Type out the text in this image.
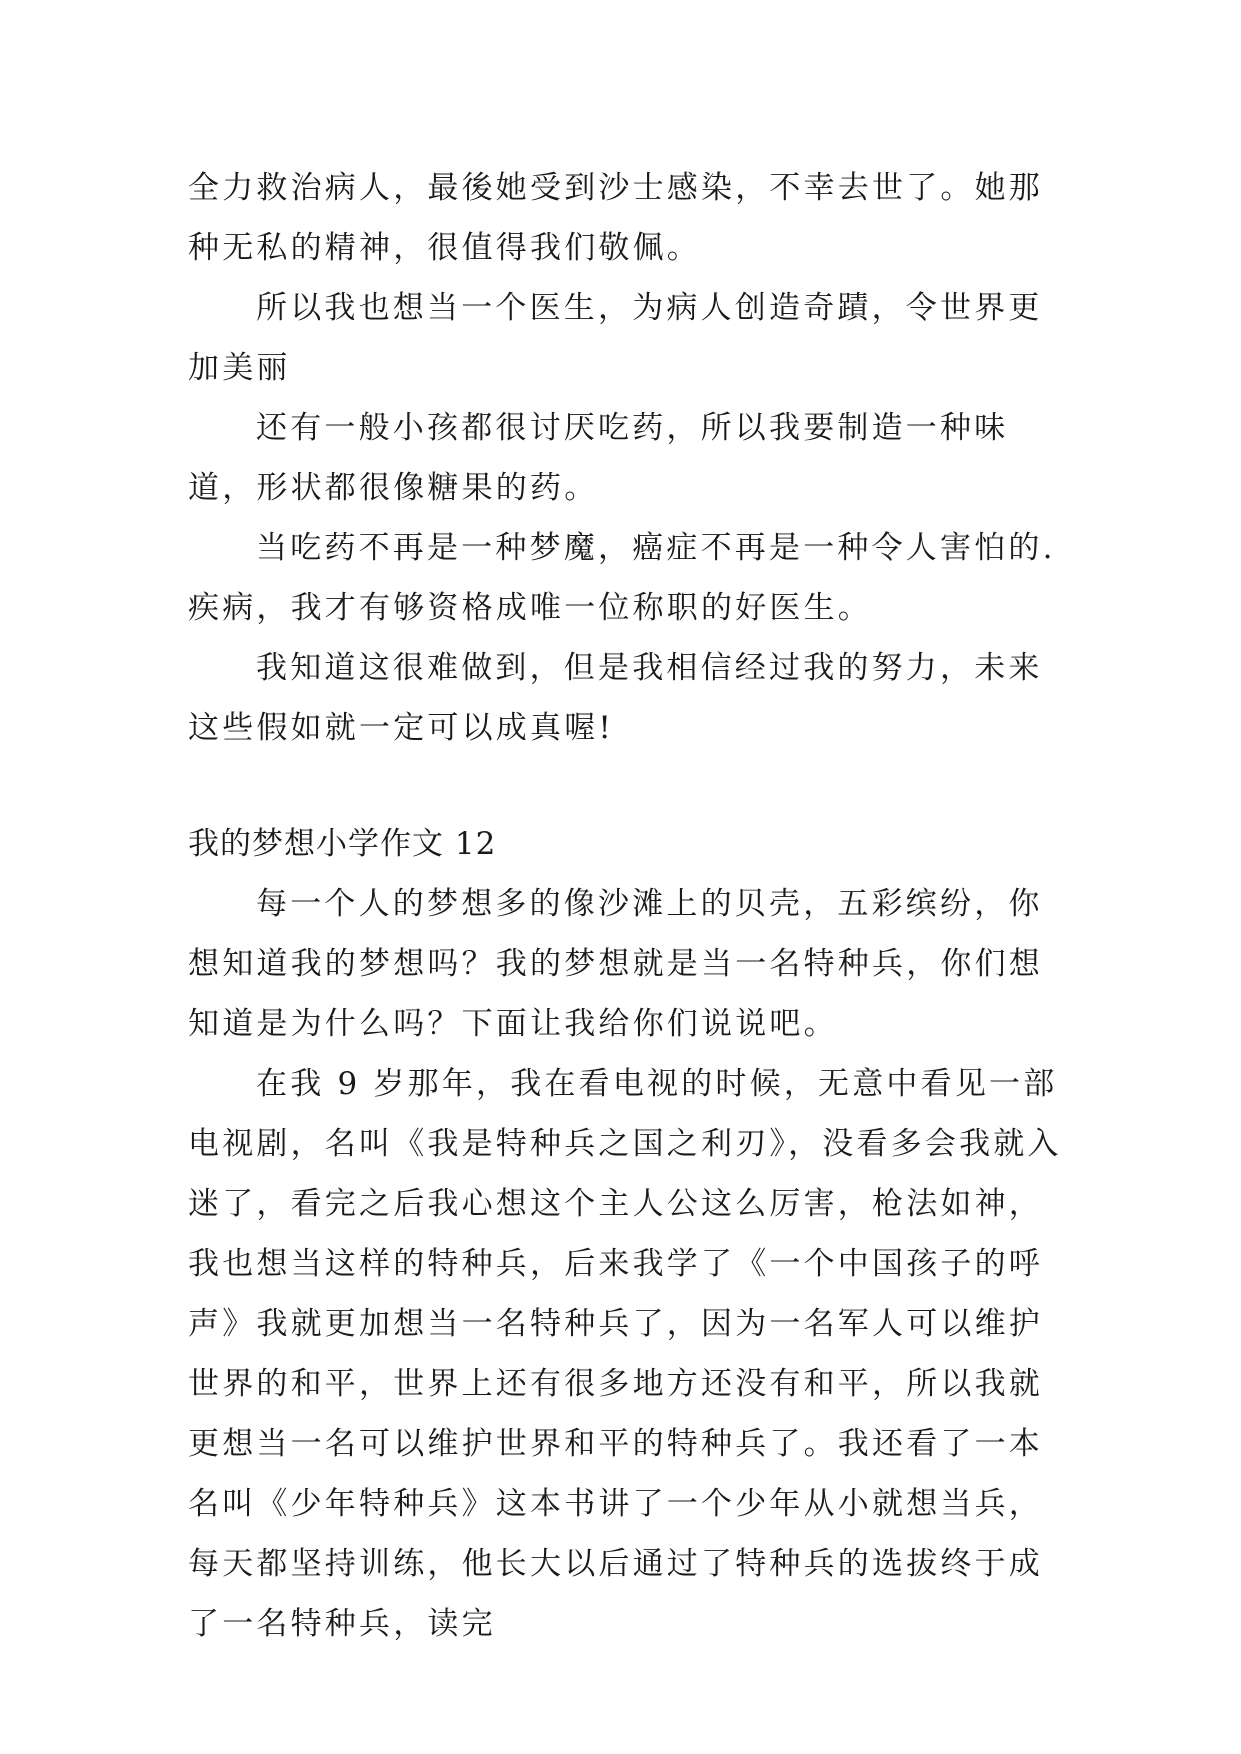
全力救治病人，最後她受到沙士感染，不幸去世了。她那种无私的精神，很值得我们敬佩。

所以我也想当一个医生，为病人创造奇蹟，令世界更加美丽

还有一般小孩都很讨厌吃药，所以我要制造一种味道，形状都很像糖果的药。

当吃药不再是一种梦魔，癌症不再是一种令人害怕的.疾病，我才有够资格成唯一位称职的好医生。

我知道这很难做到，但是我相信经过我的努力，未来这些假如就一定可以成真喔!

我的梦想小学作文 12

每一个人的梦想多的像沙滩上的贝壳，五彩缤纷，你想知道我的梦想吗？我的梦想就是当一名特种兵，你们想知道是为什么吗？下面让我给你们说说吧。

在我 9 岁那年，我在看电视的时候，无意中看见一部电视剧，名叫《我是特种兵之国之利刃》，没看多会我就入迷了，看完之后我心想这个主人公这么厉害，枪法如神，我也想当这样的特种兵，后来我学了《一个中国孩子的呼声》我就更加想当一名特种兵了，因为一名军人可以维护世界的和平，世界上还有很多地方还没有和平，所以我就更想当一名可以维护世界和平的特种兵了。我还看了一本名叫《少年特种兵》这本书讲了一个少年从小就想当兵，每天都坚持训练，他长大以后通过了特种兵的选拔终于成了一名特种兵，读完
